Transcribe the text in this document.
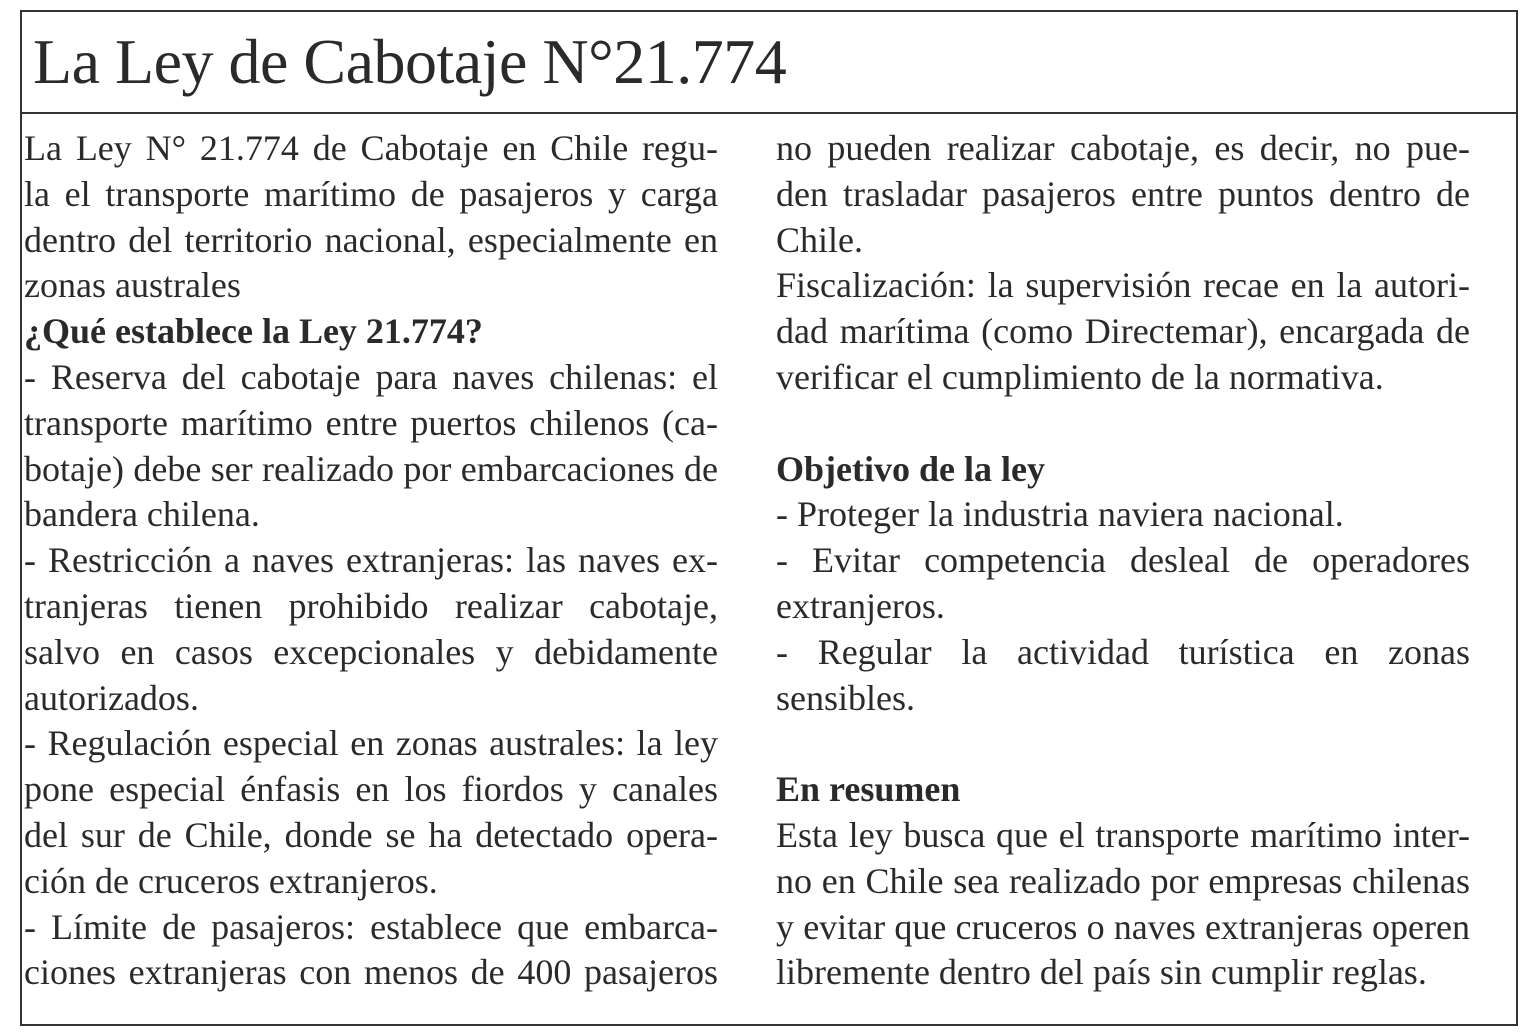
La Ley de Cabotaje N°21.774
La Ley N° 21.774 de Cabotaje en Chile regu-
la el transporte marítimo de pasajeros y carga
dentro del territorio nacional, especialmente en
zonas australes
¿Qué establece la Ley 21.774?
- Reserva del cabotaje para naves chilenas: el
transporte marítimo entre puertos chilenos (ca-
botaje) debe ser realizado por embarcaciones de
bandera chilena.
- Restricción a naves extranjeras: las naves ex-
tranjeras tienen prohibido realizar cabotaje,
salvo en casos excepcionales y debidamente
autorizados.
- Regulación especial en zonas australes: la ley
pone especial énfasis en los fiordos y canales
del sur de Chile, donde se ha detectado opera-
ción de cruceros extranjeros.
- Límite de pasajeros: establece que embarca-
ciones extranjeras con menos de 400 pasajeros
no pueden realizar cabotaje, es decir, no pue-
den trasladar pasajeros entre puntos dentro de
Chile.
Fiscalización: la supervisión recae en la autori-
dad marítima (como Directemar), encargada de
verificar el cumplimiento de la normativa.
Objetivo de la ley
- Proteger la industria naviera nacional.
- Evitar competencia desleal de operadores
extranjeros.
- Regular la actividad turística en zonas
sensibles.
En resumen
Esta ley busca que el transporte marítimo inter-
no en Chile sea realizado por empresas chilenas
y evitar que cruceros o naves extranjeras operen
libremente dentro del país sin cumplir reglas.
